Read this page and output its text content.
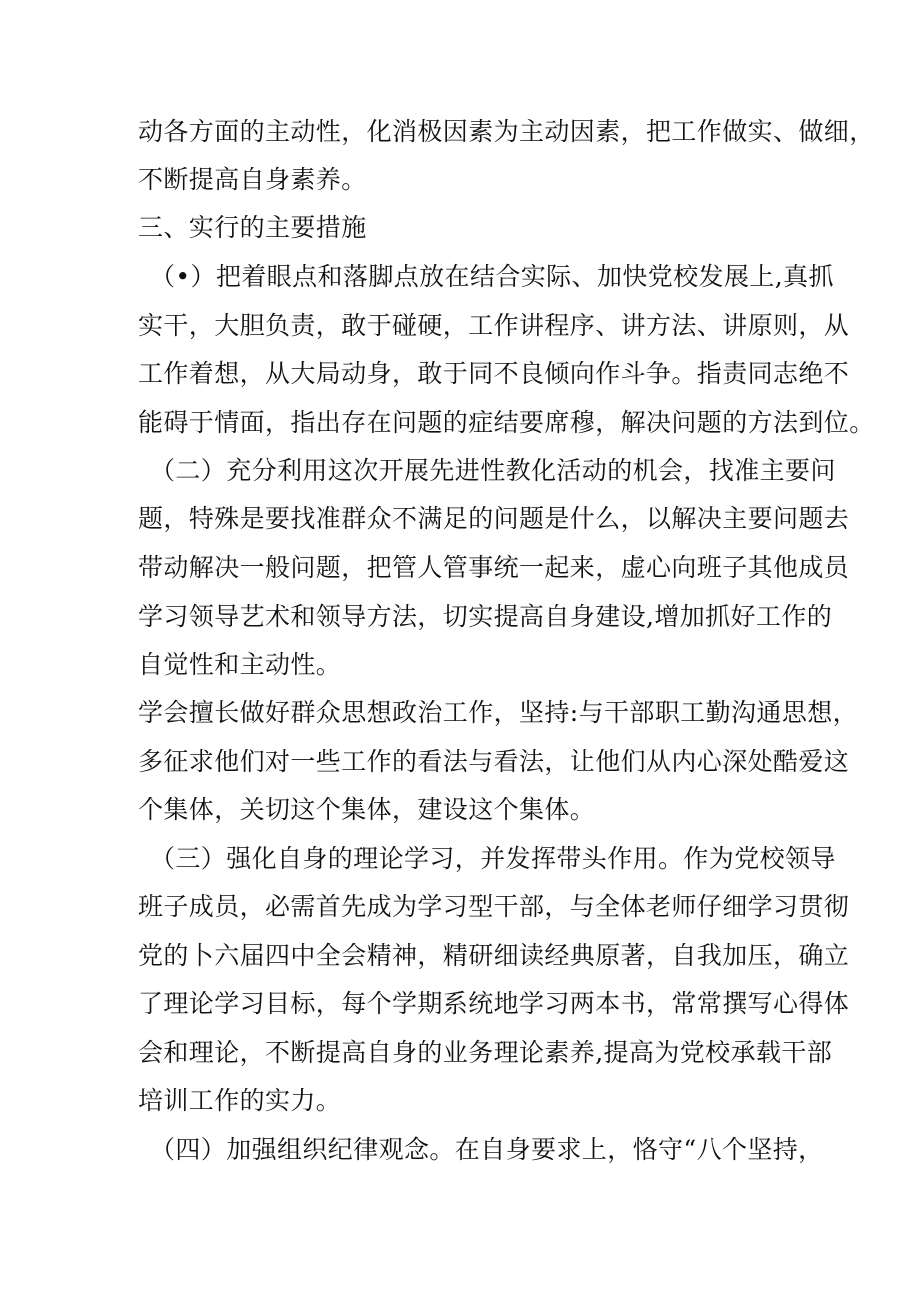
动各方面的主动性，化消极因素为主动因素，把工作做实、做细，
不断提高自身素养。
三、实行的主要措施
（•）把着眼点和落脚点放在结合实际、加快党校发展上,真抓
实干，大胆负责，敢于碰硬，工作讲程序、讲方法、讲原则，从
工作着想，从大局动身，敢于同不良倾向作斗争。指责同志绝不
能碍于情面，指出存在问题的症结要席穆，解决问题的方法到位。
（二）充分利用这次开展先进性教化活动的机会，找准主要问
题，特殊是要找准群众不满足的问题是什么，以解决主要问题去
带动解决一般问题，把管人管事统一起来，虚心向班子其他成员
学习领导艺术和领导方法，切实提高自身建设,增加抓好工作的
自觉性和主动性。
学会擅长做好群众思想政治工作，坚持:与干部职工勤沟通思想，
多征求他们对一些工作的看法与看法，让他们从内心深处酷爱这
个集体，关切这个集体，建设这个集体。
（三）强化自身的理论学习，并发挥带头作用。作为党校领导
班子成员，必需首先成为学习型干部，与全体老师仔细学习贯彻
党的卜六届四中全会精神，精研细读经典原著，自我加压，确立
了理论学习目标，每个学期系统地学习两本书，常常撰写心得体
会和理论，不断提高自身的业务理论素养,提高为党校承载干部
培训工作的实力。
（四）加强组织纪律观念。在自身要求上，恪守“八个坚持，
